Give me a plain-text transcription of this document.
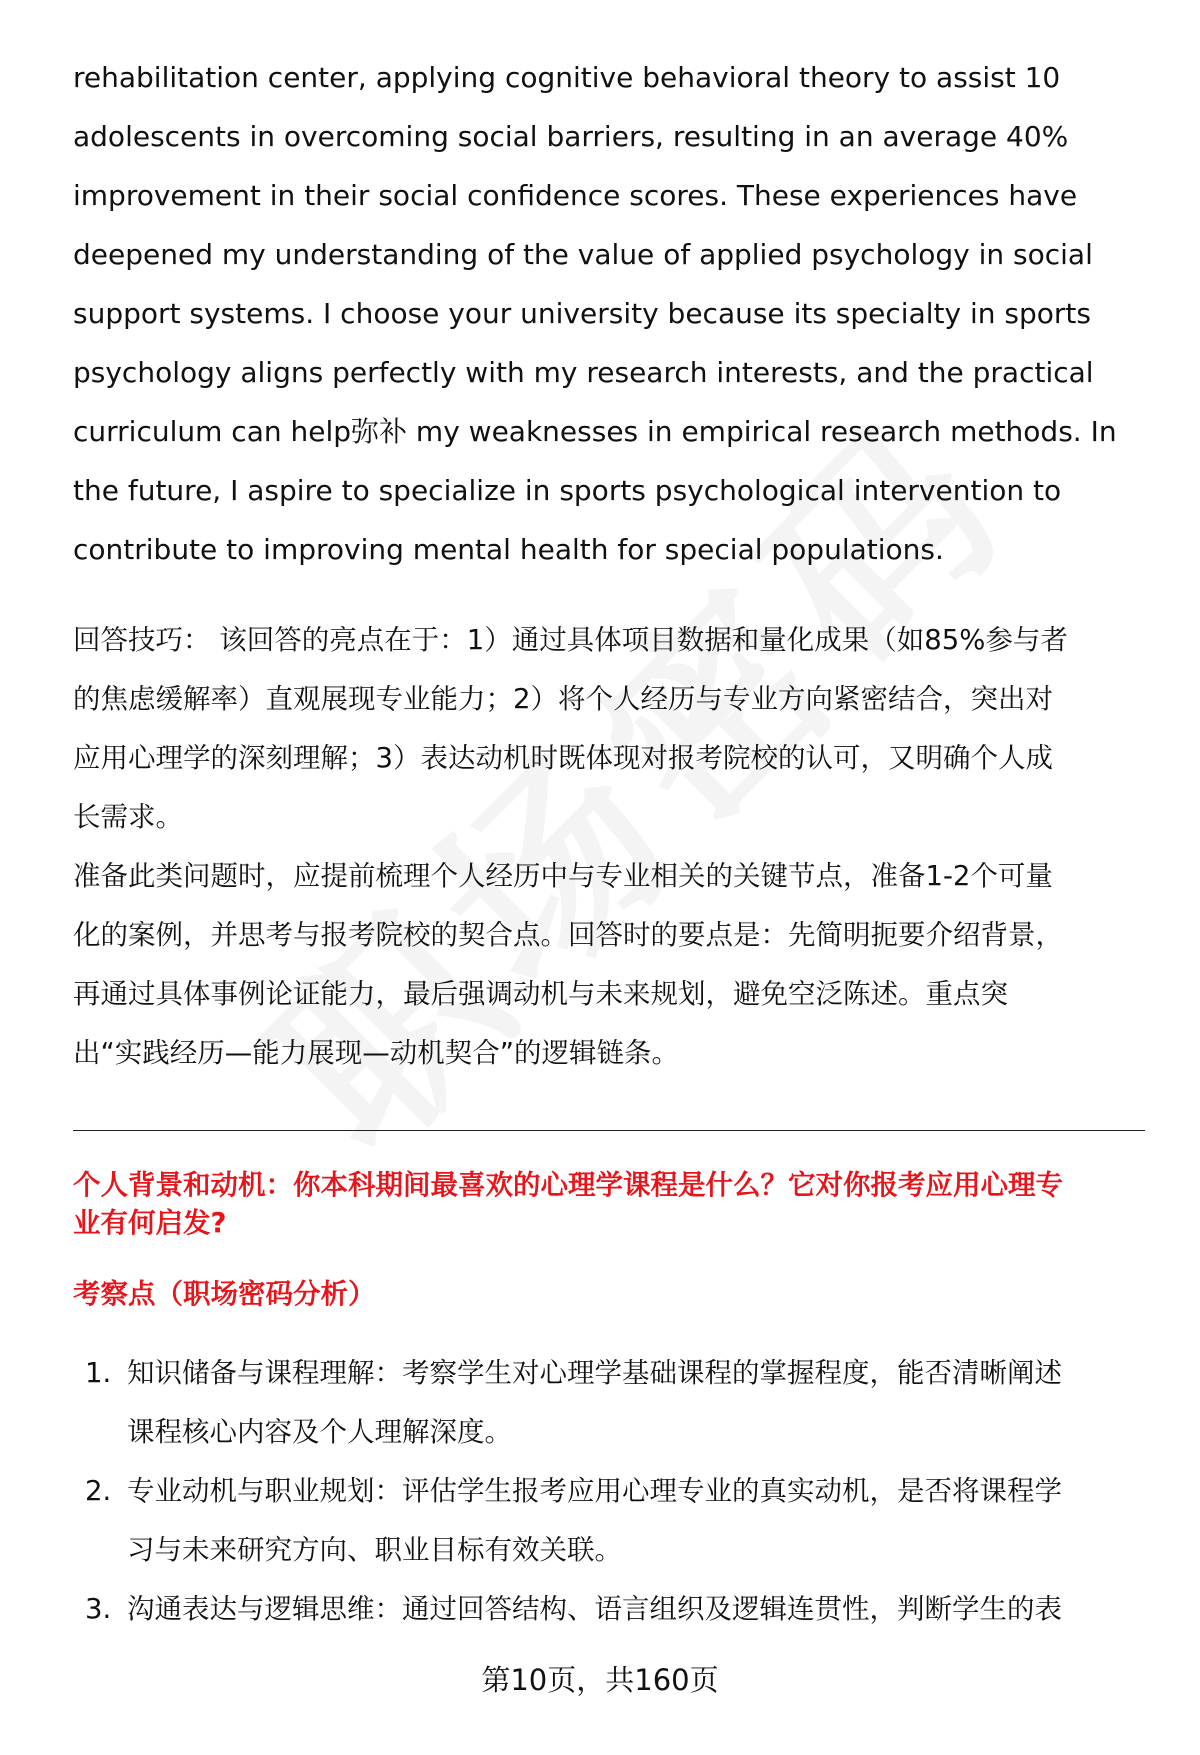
rehabilitation center, applying cognitive behavioral theory to assist 10
adolescents in overcoming social barriers, resulting in an average 40%
improvement in their social confidence scores. These experiences have
deepened my understanding of the value of applied psychology in social
support systems. I choose your university because its specialty in sports
psychology aligns perfectly with my research interests, and the practical
curriculum can help弥补 my weaknesses in empirical research methods. In
the future, I aspire to specialize in sports psychological intervention to
contribute to improving mental health for special populations.
回答技巧： 该回答的亮点在于：1）通过具体项目数据和量化成果（如85%参与者
的焦虑缓解率）直观展现专业能力；2）将个人经历与专业方向紧密结合，突出对
应用心理学的深刻理解；3）表达动机时既体现对报考院校的认可，又明确个人成
长需求。
准备此类问题时，应提前梳理个人经历中与专业相关的关键节点，准备1-2个可量
化的案例，并思考与报考院校的契合点。回答时的要点是：先简明扼要介绍背景，
再通过具体事例论证能力，最后强调动机与未来规划，避免空泛陈述。重点突
出“实践经历—能力展现—动机契合”的逻辑链条。
个人背景和动机：你本科期间最喜欢的心理学课程是什么？它对你报考应用心理专
业有何启发?
考察点（职场密码分析）
1. 知识储备与课程理解：考察学生对心理学基础课程的掌握程度，能否清晰阐述
课程核心内容及个人理解深度。
2. 专业动机与职业规划：评估学生报考应用心理专业的真实动机，是否将课程学
习与未来研究方向、职业目标有效关联。
3. 沟通表达与逻辑思维：通过回答结构、语言组织及逻辑连贯性，判断学生的表
第10页，共160页
